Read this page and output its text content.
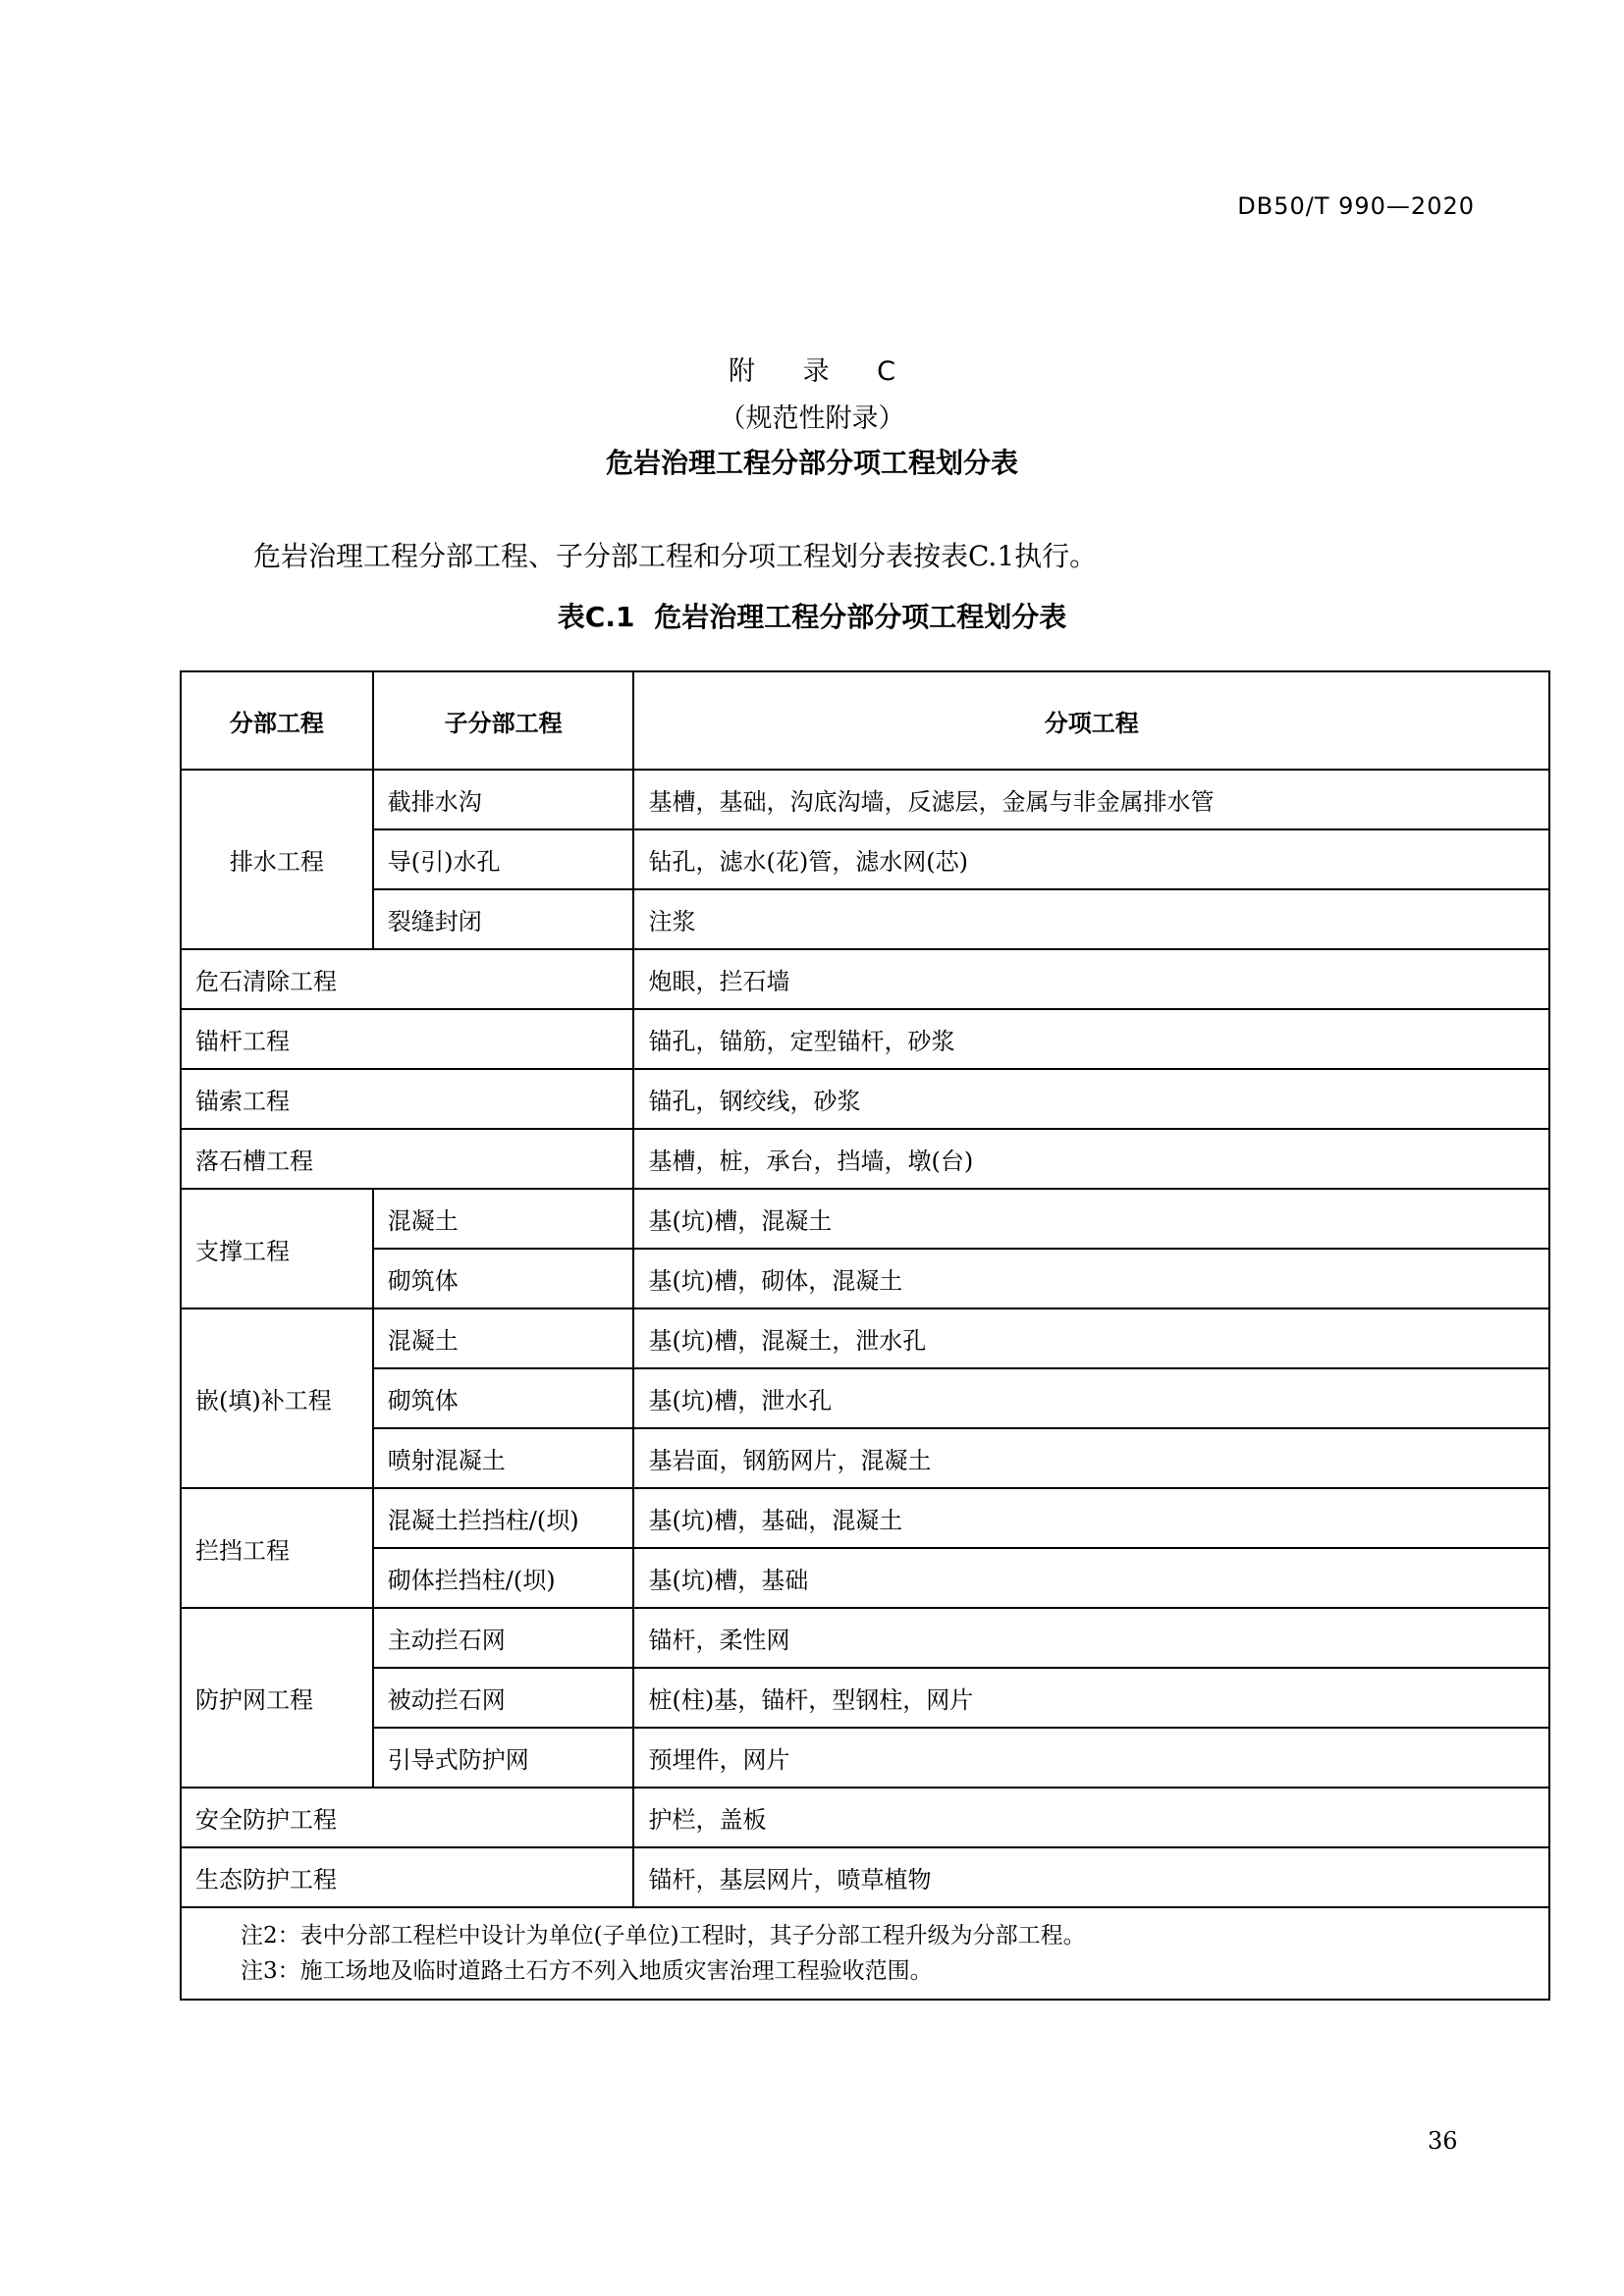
DB50/T 990—2020
附 录 C
（规范性附录）
危岩治理工程分部分项工程划分表
危岩治理工程分部工程、子分部工程和分项工程划分表按表C.1执行。
表C.1 危岩治理工程分部分项工程划分表
分部工程	子分部工程	分项工程
排水工程	截排水沟	基槽，基础，沟底沟墙，反滤层，金属与非金属排水管
	导(引)水孔	钻孔，滤水(花)管，滤水网(芯)
	裂缝封闭	注浆
危石清除工程		炮眼，拦石墙
锚杆工程		锚孔，锚筋，定型锚杆，砂浆
锚索工程		锚孔，钢绞线，砂浆
落石槽工程		基槽，桩，承台，挡墙，墩(台)
支撑工程	混凝土	基(坑)槽，混凝土
	砌筑体	基(坑)槽，砌体，混凝土
嵌(填)补工程	混凝土	基(坑)槽，混凝土，泄水孔
	砌筑体	基(坑)槽，泄水孔
	喷射混凝土	基岩面，钢筋网片，混凝土
拦挡工程	混凝土拦挡柱/(坝)	基(坑)槽，基础，混凝土
	砌体拦挡柱/(坝)	基(坑)槽，基础
防护网工程	主动拦石网	锚杆，柔性网
	被动拦石网	桩(柱)基，锚杆，型钢柱，网片
	引导式防护网	预埋件，网片
安全防护工程		护栏，盖板
生态防护工程		锚杆，基层网片，喷草植物

注2：表中分部工程栏中设计为单位(子单位)工程时，其子分部工程升级为分部工程。
注3：施工场地及临时道路土石方不列入地质灾害治理工程验收范围。		
36
